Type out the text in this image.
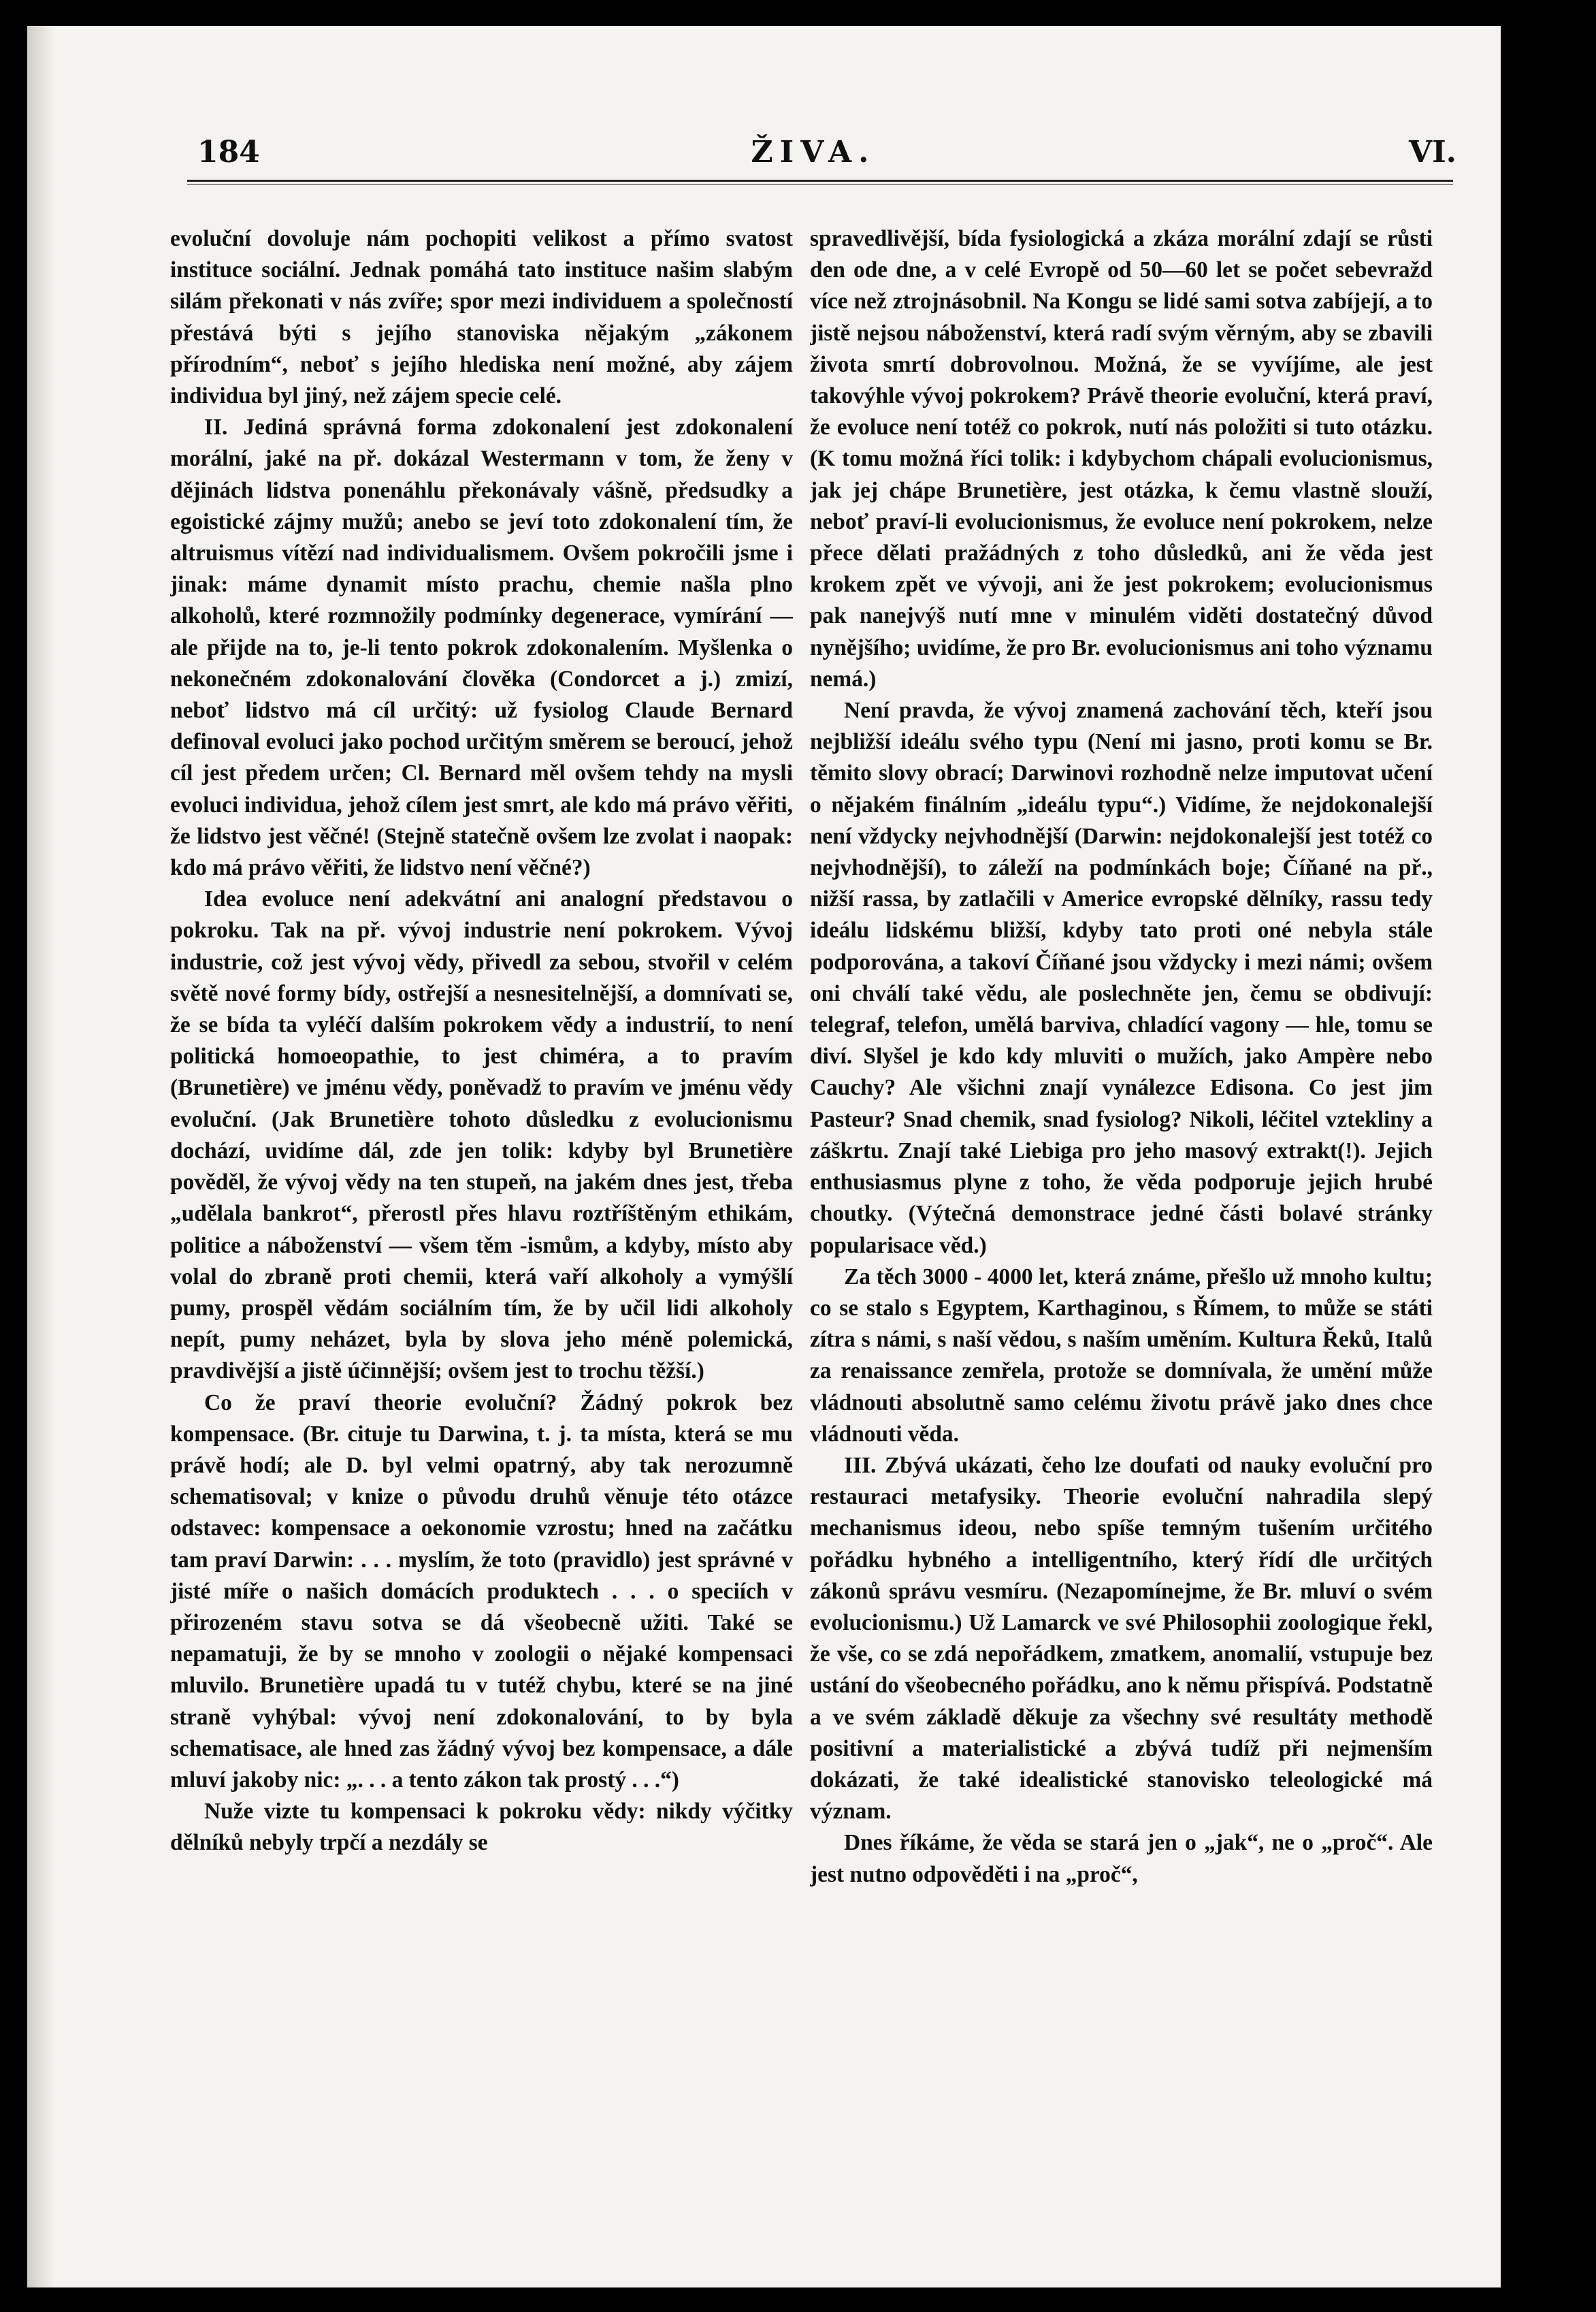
184	ŽIVA.	VI.

evoluční dovoluje nám pochopiti velikost a přímo svatost instituce sociální. Jednak pomáhá tato instituce našim slabým silám překonati v nás zvíře; spor mezi individuem a společností přestává býti s jejího stanoviska nějakým „zákonem přírodním“, neboť s jejího hlediska není možné, aby zájem individua byl jiný, než zájem specie celé.

II. Jediná správná forma zdokonalení jest zdokonalení morální, jaké na př. dokázal Westermann v tom, že ženy v dějinách lidstva ponenáhlu překonávaly vášně, předsudky a egoistické zájmy mužů; anebo se jeví toto zdokonalení tím, že altruismus vítězí nad individualismem. Ovšem pokročili jsme i jinak: máme dynamit místo prachu, chemie našla plno alkoholů, které rozmnožily podmínky degenerace, vymírání — ale přijde na to, je-li tento pokrok zdokonalením. Myšlenka o nekonečném zdokonalování člověka (Condorcet a j.) zmizí, neboť lidstvo má cíl určitý: už fysiolog Claude Bernard definoval evoluci jako pochod určitým směrem se beroucí, jehož cíl jest předem určen; Cl. Bernard měl ovšem tehdy na mysli evoluci individua, jehož cílem jest smrt, ale kdo má právo věřiti, že lidstvo jest věčné! (Stejně statečně ovšem lze zvolat i naopak: kdo má právo věřiti, že lidstvo není věčné?)

Idea evoluce není adekvátní ani analogní představou o pokroku. Tak na př. vývoj industrie není pokrokem. Vývoj industrie, což jest vývoj vědy, přivedl za sebou, stvořil v celém světě nové formy bídy, ostřejší a nesnesitelnější, a domnívati se, že se bída ta vyléčí dalším pokrokem vědy a industrií, to není politická homoeopathie, to jest chiméra, a to pravím (Brunetière) ve jménu vědy, poněvadž to pravím ve jménu vědy evoluční. (Jak Brunetière tohoto důsledku z evolucionismu dochází, uvidíme dál, zde jen tolik: kdyby byl Brunetière pověděl, že vývoj vědy na ten stupeň, na jakém dnes jest, třeba „udělala bankrot“, přerostl přes hlavu roztříštěným ethikám, politice a náboženství — všem těm -ismům, a kdyby, místo aby volal do zbraně proti chemii, která vaří alkoholy a vymýšlí pumy, prospěl vědám sociálním tím, že by učil lidi alkoholy nepít, pumy neházet, byla by slova jeho méně polemická, pravdivější a jistě účinnější; ovšem jest to trochu těžší.)

Co že praví theorie evoluční? Žádný pokrok bez kompensace. (Br. cituje tu Darwina, t. j. ta místa, která se mu právě hodí; ale D. byl velmi opatrný, aby tak nerozumně schematisoval; v knize o původu druhů věnuje této otázce odstavec: kompensace a oekonomie vzrostu; hned na začátku tam praví Darwin: . . . myslím, že toto (pravidlo) jest správné v jisté míře o našich domácích produktech . . . o speciích v přirozeném stavu sotva se dá všeobecně užiti. Také se nepamatuji, že by se mnoho v zoologii o nějaké kompensaci mluvilo. Brunetière upadá tu v tutéž chybu, které se na jiné straně vyhýbal: vývoj není zdokonalování, to by byla schematisace, ale hned zas žádný vývoj bez kompensace, a dále mluví jakoby nic: „. . . a tento zákon tak prostý . . .“)

Nuže vizte tu kompensaci k pokroku vědy: nikdy výčitky dělníků nebyly trpčí a nezdály se

spravedlivější, bída fysiologická a zkáza morální zdají se růsti den ode dne, a v celé Evropě od 50—60 let se počet sebevražd více než ztrojnásobnil. Na Kongu se lidé sami sotva zabíjejí, a to jistě nejsou náboženství, která radí svým věrným, aby se zbavili života smrtí dobrovolnou. Možná, že se vyvíjíme, ale jest takovýhle vývoj pokrokem? Právě theorie evoluční, která praví, že evoluce není totéž co pokrok, nutí nás položiti si tuto otázku. (K tomu možná říci tolik: i kdybychom chápali evolucionismus, jak jej chápe Brunetière, jest otázka, k čemu vlastně slouží, neboť praví-li evolucionismus, že evoluce není pokrokem, nelze přece dělati pražádných z toho důsledků, ani že věda jest krokem zpět ve vývoji, ani že jest pokrokem; evolucionismus pak nanejvýš nutí mne v minulém viděti dostatečný důvod nynějšího; uvidíme, že pro Br. evolucionismus ani toho významu nemá.)

Není pravda, že vývoj znamená zachování těch, kteří jsou nejbližší ideálu svého typu (Není mi jasno, proti komu se Br. těmito slovy obrací; Darwinovi rozhodně nelze imputovat učení o nějakém finálním „ideálu typu“.) Vidíme, že nejdokonalejší není vždycky nejvhodnější (Darwin: nejdokonalejší jest totéž co nejvhodnější), to záleží na podmínkách boje; Číňané na př., nižší rassa, by zatlačili v Americe evropské dělníky, rassu tedy ideálu lidskému bližší, kdyby tato proti oné nebyla stále podporována, a takoví Číňané jsou vždycky i mezi námi; ovšem oni chválí také vědu, ale poslechněte jen, čemu se obdivují: telegraf, telefon, umělá barviva, chladící vagony — hle, tomu se diví. Slyšel je kdo kdy mluviti o mužích, jako Ampère nebo Cauchy? Ale všichni znají vynálezce Edisona. Co jest jim Pasteur? Snad chemik, snad fysiolog? Nikoli, léčitel vztekliny a záškrtu. Znají také Liebiga pro jeho masový extrakt(!). Jejich enthusiasmus plyne z toho, že věda podporuje jejich hrubé choutky. (Výtečná demonstrace jedné části bolavé stránky popularisace věd.)

Za těch 3000 - 4000 let, která známe, přešlo už mnoho kultu; co se stalo s Egyptem, Karthaginou, s Římem, to může se státi zítra s námi, s naší vědou, s naším uměním. Kultura Řeků, Italů za renaissance zemřela, protože se domnívala, že umění může vládnouti absolutně samo celému životu právě jako dnes chce vládnouti věda.

III. Zbývá ukázati, čeho lze doufati od nauky evoluční pro restauraci metafysiky. Theorie evoluční nahradila slepý mechanismus ideou, nebo spíše temným tušením určitého pořádku hybného a intelligentního, který řídí dle určitých zákonů správu vesmíru. (Nezapomínejme, že Br. mluví o svém evolucionismu.) Už Lamarck ve své Philosophii zoologique řekl, že vše, co se zdá nepořádkem, zmatkem, anomalií, vstupuje bez ustání do všeobecného pořádku, ano k němu přispívá. Podstatně a ve svém základě děkuje za všechny své resultáty methodě positivní a materialistické a zbývá tudíž při nejmenším dokázati, že také idealistické stanovisko teleologické má význam.

Dnes říkáme, že věda se stará jen o „jak“, ne o „proč“. Ale jest nutno odpověděti i na „proč“,
